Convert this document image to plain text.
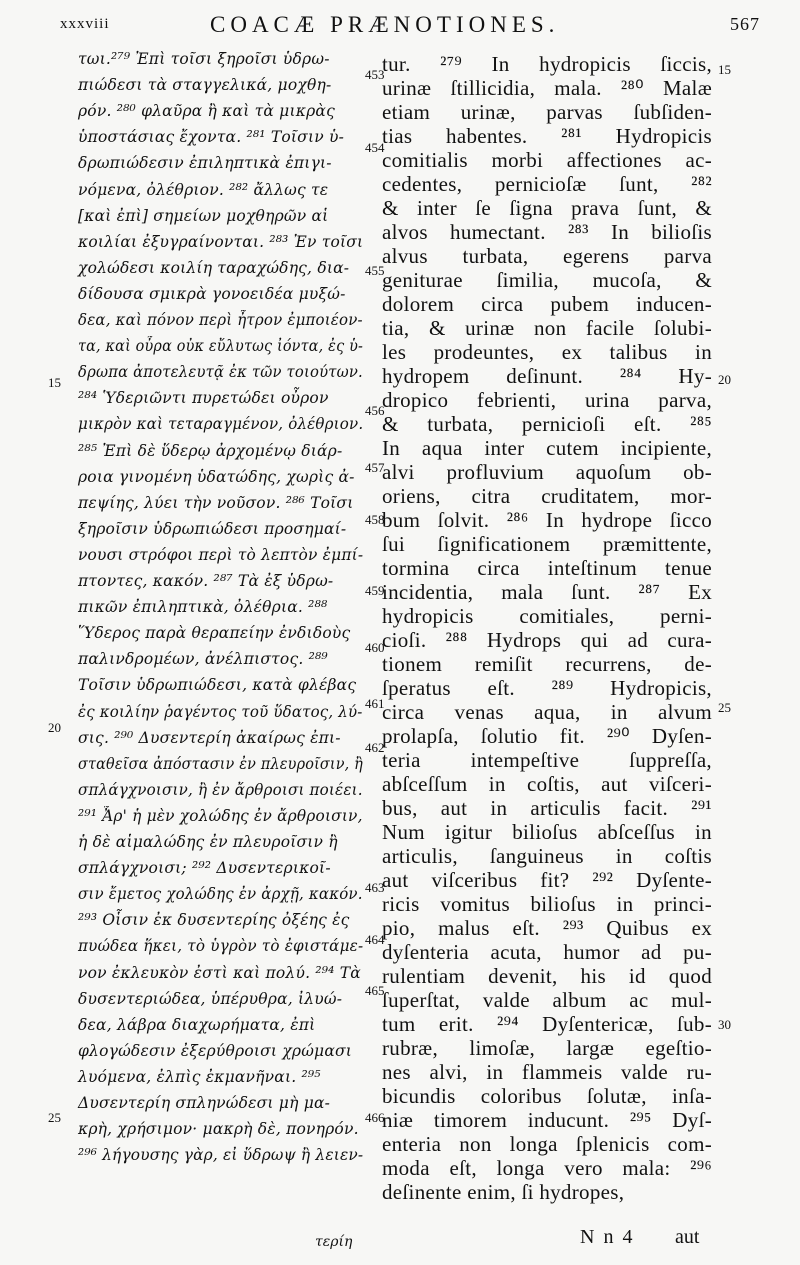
xxxviii	COACÆ PRÆNOTIONES.	567
τωι.²⁷⁹ Ἐπὶ τοῖσι ξηροῖσι ὑδρω-
πιώδεσι τὰ σταγγελικά, μοχθη-
ρόν. ²⁸⁰ φλαῦρα ἢ καὶ τὰ μικρὰς
ὑποστάσιας ἔχοντα. ²⁸¹ Τοῖσιν ὑ-
δρωπιώδεσιν ἐπιληπτικὰ ἐπιγι-
νόμενα, ὀλέθριον. ²⁸² ἄλλως τε
[καὶ ἐπὶ] σημείων μοχθηρῶν αἱ
κοιλίαι ἐξυγραίνονται. ²⁸³ Ἐν τοῖσι
χολώδεσι κοιλίη ταραχώδης, δια-
δίδουσα σμικρὰ γονοειδέα μυξώ-
δεα, καὶ πόνον περὶ ἦτρον ἐμποιέον-
τα, καὶ οὖρα οὐκ εὔλυτως ἰόντα, ἐς ὑ-
δρωπα ἀποτελευτᾷ ἐκ τῶν τοιούτων.
²⁸⁴ Ὑδεριῶντι πυρετώδει οὖρον
μικρὸν καὶ τεταραγμένον, ὀλέθριον.
²⁸⁵ Ἐπὶ δὲ ὕδερῳ ἀρχομένῳ διάρ-
ροια γινομένη ὑδατώδης, χωρὶς ἀ-
πεψίης, λύει τὴν νοῦσον. ²⁸⁶ Τοῖσι
ξηροῖσιν ὑδρωπιώδεσι προσημαί-
νουσι στρόφοι περὶ τὸ λεπτὸν ἐμπί-
πτοντες, κακόν. ²⁸⁷ Τὰ ἐξ ὑδρω-
πικῶν ἐπιληπτικὰ, ὀλέθρια. ²⁸⁸
Ὕδερος παρὰ θεραπείην ἐνδιδοὺς
παλινδρομέων, ἀνέλπιστος. ²⁸⁹
Τοῖσιν ὑδρωπιώδεσι, κατὰ φλέβας
ἐς κοιλίην ῥαγέντος τοῦ ὕδατος, λύ-
σις. ²⁹⁰ Δυσεντερίη ἀκαίρως ἐπι-
σταθεῖσα ἀπόστασιν ἐν πλευροῖσιν, ἢ
σπλάγχνοισιν, ἢ ἐν ἄρθροισι ποιέει.
²⁹¹ Ἆρ' ἡ μὲν χολώδης ἐν ἄρθροισιν,
ἡ δὲ αἱμαλώδης ἐν πλευροῖσιν ἢ
σπλάγχνοισι; ²⁹² Δυσεντερικοῖ-
σιν ἔμετος χολώδης ἐν ἀρχῇ, κακόν.
²⁹³ Οἷσιν ἐκ δυσεντερίης ὀξέης ἐς
πυώδεα ἥκει, τὸ ὑγρὸν τὸ ἐφιστάμε-
νον ἐκλευκὸν ἐστὶ καὶ πολύ. ²⁹⁴ Τὰ
δυσεντεριώδεα, ὑπέρυθρα, ἰλυώ-
δεα, λάβρα διαχωρήματα, ἐπὶ
φλογώδεσιν ἐξερύθροισι χρώμασι
λυόμενα, ἐλπὶς ἐκμανῆναι. ²⁹⁵
Δυσεντερίη σπληνώδεσι μὴ μα-
κρὴ, χρήσιμον· μακρὴ δὲ, πονηρόν.
²⁹⁶ λήγουσης γὰρ, εἰ ὕδρωψ ἢ λειεν-
tur. ²⁷⁹ In hydropicis ſiccis,
urinæ ſtillicidia, mala. ²⁸⁰ Malæ
etiam urinæ, parvas ſubſiden-
tias habentes. ²⁸¹ Hydropicis
comitialis morbi affectiones ac-
cedentes, pernicioſæ ſunt, ²⁸²
& inter ſe ſigna prava ſunt, &
alvos humectant. ²⁸³ In bilioſis
alvus turbata, egerens parva
geniturae ſimilia, mucoſa, &
dolorem circa pubem inducen-
tia, & urinæ non facile ſolubi-
les prodeuntes, ex talibus in
hydropem deſinunt. ²⁸⁴ Hy-
dropico febrienti, urina parva,
& turbata, pernicioſi eſt. ²⁸⁵
In aqua inter cutem incipiente,
alvi profluvium aquoſum ob-
oriens, citra cruditatem, mor-
bum ſolvit. ²⁸⁶ In hydrope ſicco
ſui ſignificationem præmittente,
tormina circa inteſtinum tenue
incidentia, mala ſunt. ²⁸⁷ Ex
hydropicis comitiales, perni-
cioſi. ²⁸⁸ Hydrops qui ad cura-
tionem remiſit recurrens, de-
ſperatus eſt. ²⁸⁹ Hydropicis,
circa venas aqua, in alvum
prolapſa, ſolutio fit. ²⁹⁰ Dyſen-
teria intempeſtive ſuppreſſa,
abſceſſum in coſtis, aut viſceri-
bus, aut in articulis facit. ²⁹¹
Num igitur bilioſus abſceſſus in
articulis, ſanguineus in coſtis
aut viſceribus fit? ²⁹² Dyſente-
ricis vomitus bilioſus in princi-
pio, malus eſt. ²⁹³ Quibus ex
dyſenteria acuta, humor ad pu-
rulentiam devenit, his id quod
ſuperſtat, valde album ac mul-
tum erit. ²⁹⁴ Dyſentericæ, ſub-
rubræ, limoſæ, largæ egeſtio-
nes alvi, in flammeis valde ru-
bicundis coloribus ſolutæ, inſa-
niæ timorem inducunt. ²⁹⁵ Dyſ-
enteria non longa ſplenicis com-
moda eſt, longa vero mala: ²⁹⁶
deſinente enim, ſi hydropes,
453
454
455
456
457
458
459
460
461
462
463
464
465
466
15
20
25
15
20
25
30
τερίη	N n 4 aut
